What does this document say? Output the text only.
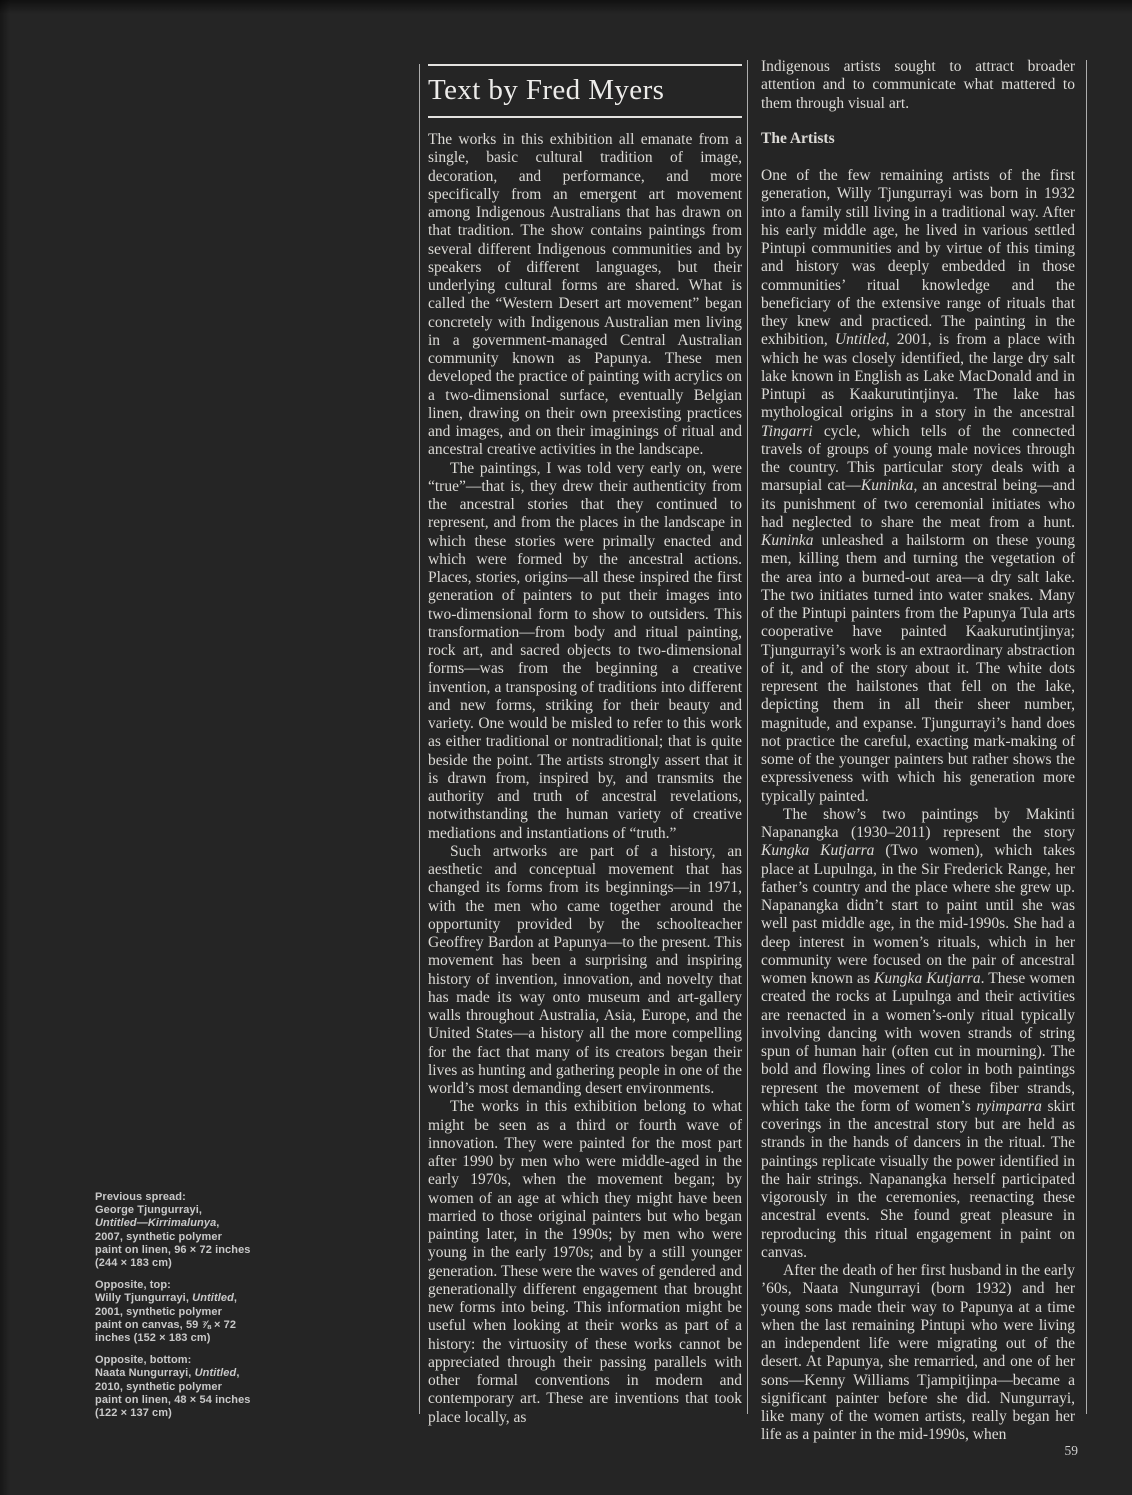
Previous spread:
George Tjungurrayi,
Untitled—Kirrimalunya,
2007, synthetic polymer
paint on linen, 96 × 72 inches
(244 × 183 cm)
Opposite, top:
Willy Tjungurrayi, Untitled,
2001, synthetic polymer
paint on canvas, 59 ⅞ × 72
inches (152 × 183 cm)
Opposite, bottom:
Naata Nungurrayi, Untitled,
2010, synthetic polymer
paint on linen, 48 × 54 inches
(122 × 137 cm)
Text by Fred Myers

The works in this exhibition all emanate from a single, basic cultural tradition of image, decoration, and performance, and more specifically from an emergent art movement among Indigenous Australians that has drawn on that tradition. The show contains paintings from several different Indigenous communities and by speakers of different languages, but their underlying cultural forms are shared. What is called the “Western Desert art movement” began concretely with Indigenous Australian men living in a government-managed Central Australian community known as Papunya. These men developed the practice of painting with acrylics on a two-dimensional surface, eventually Belgian linen, drawing on their own preexisting practices and images, and on their imaginings of ritual and ancestral creative activities in the landscape.

The paintings, I was told very early on, were “true”—that is, they drew their authenticity from the ancestral stories that they continued to represent, and from the places in the landscape in which these stories were primally enacted and which were formed by the ancestral actions. Places, stories, origins—all these inspired the first generation of painters to put their images into two-dimensional form to show to outsiders. This transformation—from body and ritual painting, rock art, and sacred objects to two-dimensional forms—was from the beginning a creative invention, a transposing of traditions into different and new forms, striking for their beauty and variety. One would be misled to refer to this work as either traditional or nontraditional; that is quite beside the point. The artists strongly assert that it is drawn from, inspired by, and transmits the authority and truth of ancestral revelations, notwithstanding the human variety of creative mediations and instantiations of “truth.”

Such artworks are part of a history, an aesthetic and conceptual movement that has changed its forms from its beginnings—in 1971, with the men who came together around the opportunity provided by the schoolteacher Geoffrey Bardon at Papunya—to the present. This movement has been a surprising and inspiring history of invention, innovation, and novelty that has made its way onto museum and art-gallery walls throughout Australia, Asia, Europe, and the United States—a history all the more compelling for the fact that many of its creators began their lives as hunting and gathering people in one of the world’s most demanding desert environments.

The works in this exhibition belong to what might be seen as a third or fourth wave of innovation. They were painted for the most part after 1990 by men who were middle-aged in the early 1970s, when the movement began; by women of an age at which they might have been married to those original painters but who began painting later, in the 1990s; by men who were young in the early 1970s; and by a still younger generation. These were the waves of gendered and generationally different engagement that brought new forms into being. This information might be useful when looking at their works as part of a history: the virtuosity of these works cannot be appreciated through their passing parallels with other formal conventions in modern and contemporary art. These are inventions that took place locally, as

Indigenous artists sought to attract broader attention and to communicate what mattered to them through visual art.

The Artists

One of the few remaining artists of the first generation, Willy Tjungurrayi was born in 1932 into a family still living in a traditional way. After his early middle age, he lived in various settled Pintupi communities and by virtue of this timing and history was deeply embedded in those communities’ ritual knowledge and the beneficiary of the extensive range of rituals that they knew and practiced. The painting in the exhibition, Untitled, 2001, is from a place with which he was closely identified, the large dry salt lake known in English as Lake MacDonald and in Pintupi as Kaakurutintjinya. The lake has mythological origins in a story in the ancestral Tingarri cycle, which tells of the connected travels of groups of young male novices through the country. This particular story deals with a marsupial cat—Kuninka, an ancestral being—and its punishment of two ceremonial initiates who had neglected to share the meat from a hunt. Kuninka unleashed a hailstorm on these young men, killing them and turning the vegetation of the area into a burned-out area—a dry salt lake. The two initiates turned into water snakes. Many of the Pintupi painters from the Papunya Tula arts cooperative have painted Kaakurutintjinya; Tjungurrayi’s work is an extraordinary abstraction of it, and of the story about it. The white dots represent the hailstones that fell on the lake, depicting them in all their sheer number, magnitude, and expanse. Tjungurrayi’s hand does not practice the careful, exacting mark-making of some of the younger painters but rather shows the expressiveness with which his generation more typically painted.

The show’s two paintings by Makinti Napanangka (1930–2011) represent the story Kungka Kutjarra (Two women), which takes place at Lupulnga, in the Sir Frederick Range, her father’s country and the place where she grew up. Napanangka didn’t start to paint until she was well past middle age, in the mid-1990s. She had a deep interest in women’s rituals, which in her community were focused on the pair of ancestral women known as Kungka Kutjarra. These women created the rocks at Lupulnga and their activities are reenacted in a women’s-only ritual typically involving dancing with woven strands of string spun of human hair (often cut in mourning). The bold and flowing lines of color in both paintings represent the movement of these fiber strands, which take the form of women’s nyimparra skirt coverings in the ancestral story but are held as strands in the hands of dancers in the ritual. The paintings replicate visually the power identified in the hair strings. Napanangka herself participated vigorously in the ceremonies, reenacting these ancestral events. She found great pleasure in reproducing this ritual engagement in paint on canvas.

After the death of her first husband in the early ’60s, Naata Nungurrayi (born 1932) and her young sons made their way to Papunya at a time when the last remaining Pintupi who were living an independent life were migrating out of the desert. At Papunya, she remarried, and one of her sons—Kenny Williams Tjampitjinpa—became a significant painter before she did. Nungurrayi, like many of the women artists, really began her life as a painter in the mid-1990s, when

59
